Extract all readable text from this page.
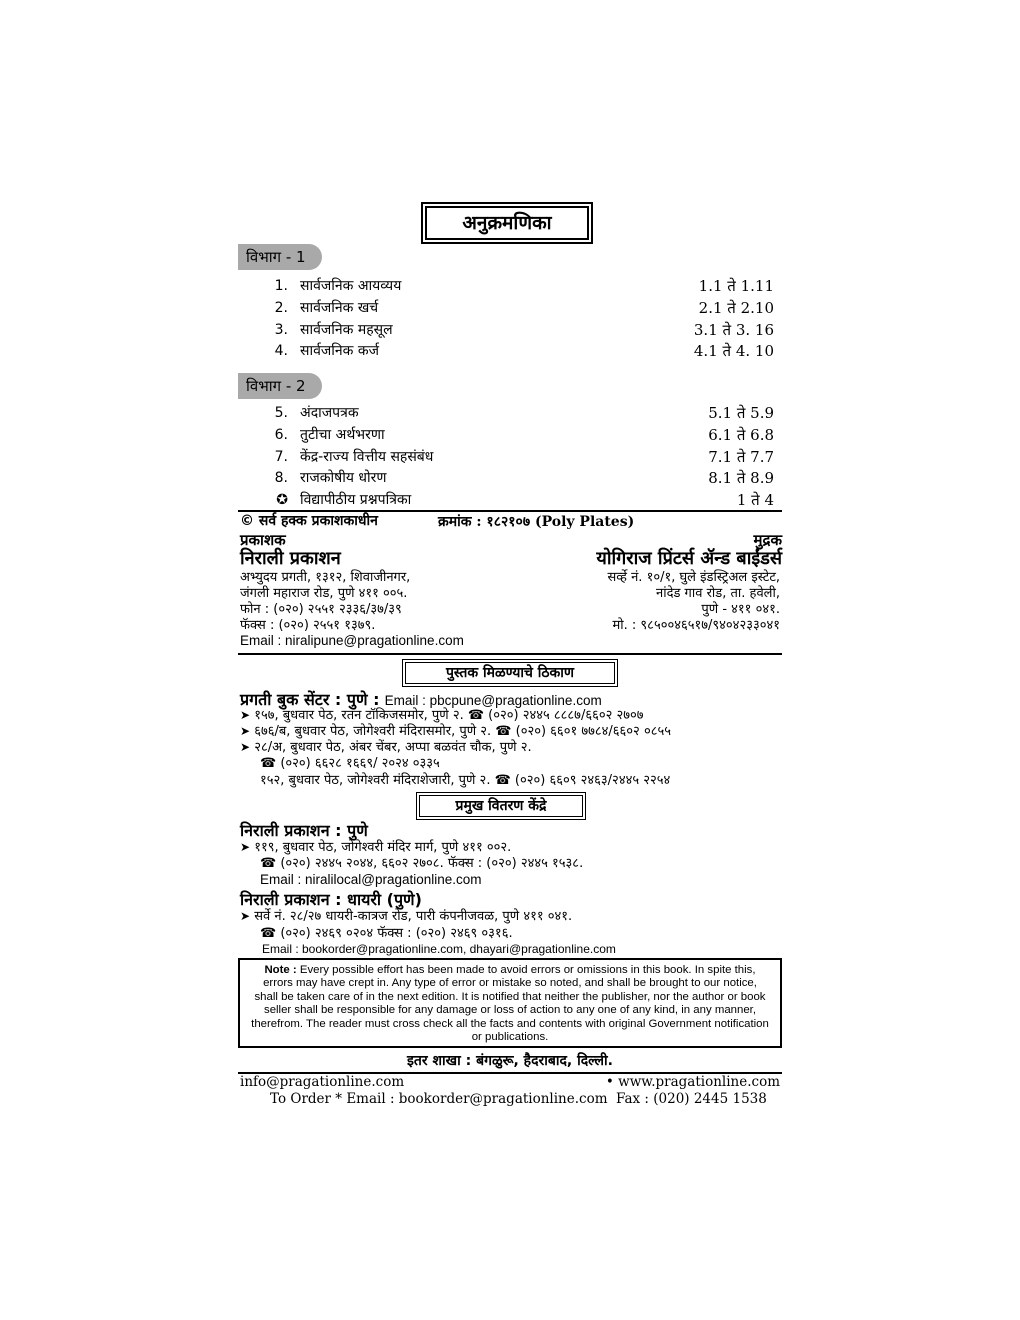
अनुक्रमणिका
विभाग - 1
1. सार्वजनिक आयव्यय	1.1 ते 1.11
2. सार्वजनिक खर्च	2.1 ते 2.10
3. सार्वजनिक महसूल	3.1 ते 3. 16
4. सार्वजनिक कर्ज	4.1 ते 4. 10
विभाग - 2
5. अंदाजपत्रक	5.1 ते 5.9
6. तुटीचा अर्थभरणा	6.1 ते 6.8
7. केंद्र-राज्य वित्तीय सहसंबंध	7.1 ते 7.7
8. राजकोषीय धोरण	8.1 ते 8.9
✪ विद्यापीठीय प्रश्नपत्रिका	1 ते 4
© सर्व हक्क प्रकाशकाधीन	क्रमांक : १८२१०७ (Poly Plates)
प्रकाशक	मुद्रक
निराली प्रकाशन	योगिराज प्रिंटर्स ॲन्ड बाईंडर्स
अभ्युदय प्रगती, १३१२, शिवाजीनगर,
जंगली महाराज रोड, पुणे ४११ ००५.
फोन : (०२०) २५५१ २३३६/३७/३९
फॅक्स : (०२०) २५५१ १३७९.
Email : niralipune@pragationline.com
सर्व्हे नं. १०/१, घुले इंडस्ट्रिअल इस्टेट,
नांदेड गाव रोड, ता. हवेली,
पुणे - ४११ ०४१.
मो. : ९८५००४६५१७/९४०४२३३०४१
पुस्तक मिळण्याचे ठिकाण
प्रगती बुक सेंटर : पुणे : Email : pbcpune@pragationline.com
➤ १५७, बुधवार पेठ, रतन टॉकिजसमोर, पुणे २. ☎ (०२०) २४४५ ८८८७/६६०२ २७०७
➤ ६७६/ब, बुधवार पेठ, जोगेश्वरी मंदिरासमोर, पुणे २. ☎ (०२०) ६६०१ ७७८४/६६०२ ०८५५
➤ २८/अ, बुधवार पेठ, अंबर चेंबर, अप्पा बळवंत चौक, पुणे २.
☎ (०२०) ६६२८ १६६९/ २०२४ ०३३५
१५२, बुधवार पेठ, जोगेश्वरी मंदिराशेजारी, पुणे २. ☎ (०२०) ६६०९ २४६३/२४४५ २२५४
प्रमुख वितरण केंद्रे
निराली प्रकाशन : पुणे
➤ ११९, बुधवार पेठ, जोगेश्वरी मंदिर मार्ग, पुणे ४११ ००२.
☎ (०२०) २४४५ २०४४, ६६०२ २७०८. फॅक्स : (०२०) २४४५ १५३८.
Email : niralilocal@pragationline.com
निराली प्रकाशन : धायरी (पुणे)
➤ सर्वे नं. २८/२७ धायरी-कात्रज रोड, पारी कंपनीजवळ, पुणे ४११ ०४१.
☎ (०२०) २४६९ ०२०४ फॅक्स : (०२०) २४६९ ०३१६.
Email : bookorder@pragationline.com, dhayari@pragationline.com
Note : Every possible effort has been made to avoid errors or omissions in this book. In spite this, errors may have crept in. Any type of error or mistake so noted, and shall be brought to our notice, shall be taken care of in the next edition. It is notified that neither the publisher, nor the author or book seller shall be responsible for any damage or loss of action to any one of any kind, in any manner, therefrom. The reader must cross check all the facts and contents with original Government notification or publications.
इतर शाखा : बंगळुरू, हैदराबाद, दिल्ली.
info@pragationline.com	• www.pragationline.com
To Order * Email : bookorder@pragationline.com Fax : (020) 2445 1538
